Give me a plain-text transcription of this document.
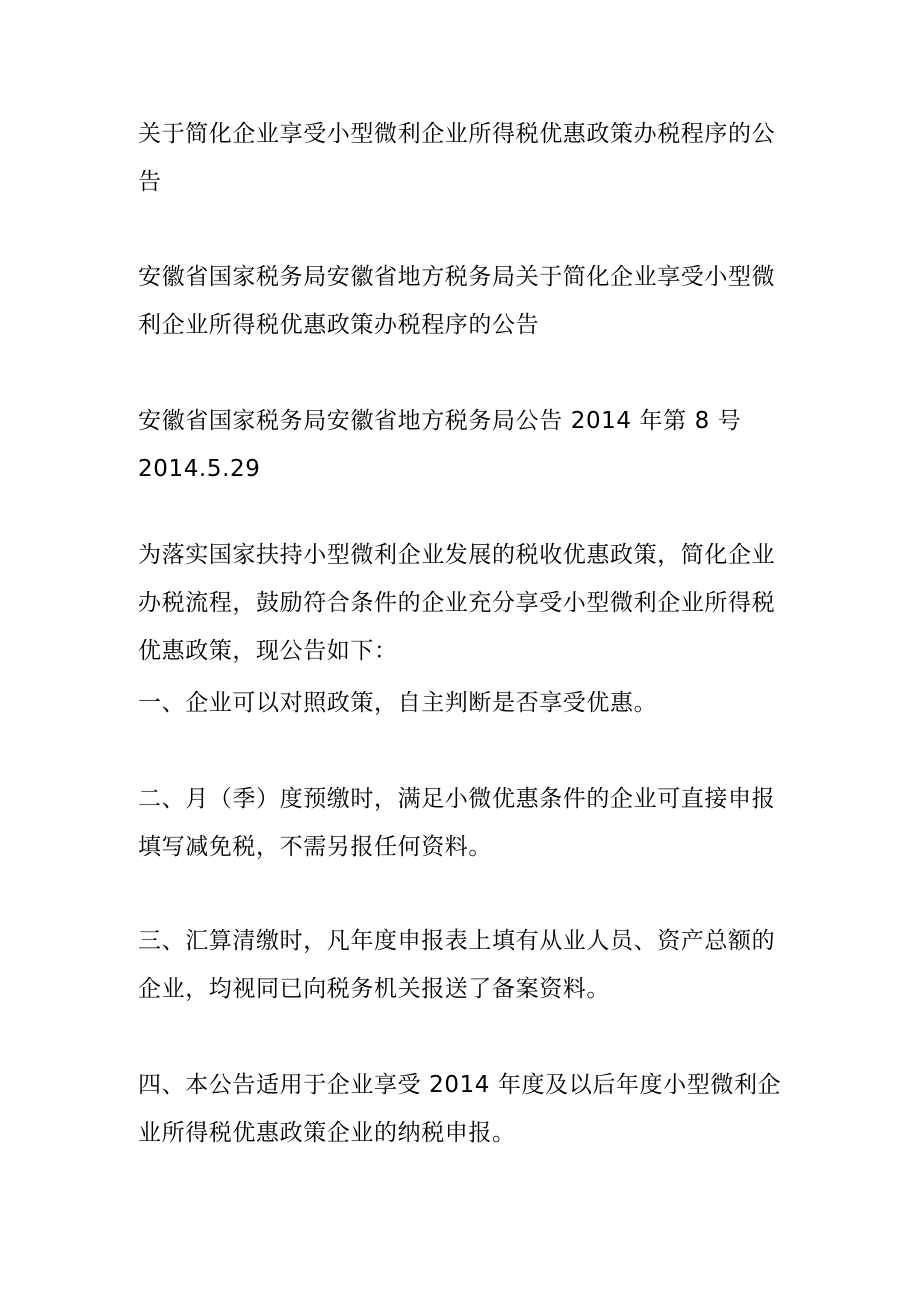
关于简化企业享受小型微利企业所得税优惠政策办税程序的公告

安徽省国家税务局安徽省地方税务局关于简化企业享受小型微利企业所得税优惠政策办税程序的公告

安徽省国家税务局安徽省地方税务局公告 2014 年第 8 号

2014.5.29

为落实国家扶持小型微利企业发展的税收优惠政策，简化企业办税流程，鼓励符合条件的企业充分享受小型微利企业所得税优惠政策，现公告如下：

一、企业可以对照政策，自主判断是否享受优惠。

二、月（季）度预缴时，满足小微优惠条件的企业可直接申报填写减免税，不需另报任何资料。

三、汇算清缴时，凡年度申报表上填有从业人员、资产总额的企业，均视同已向税务机关报送了备案资料。

四、本公告适用于企业享受 2014 年度及以后年度小型微利企业所得税优惠政策企业的纳税申报。
